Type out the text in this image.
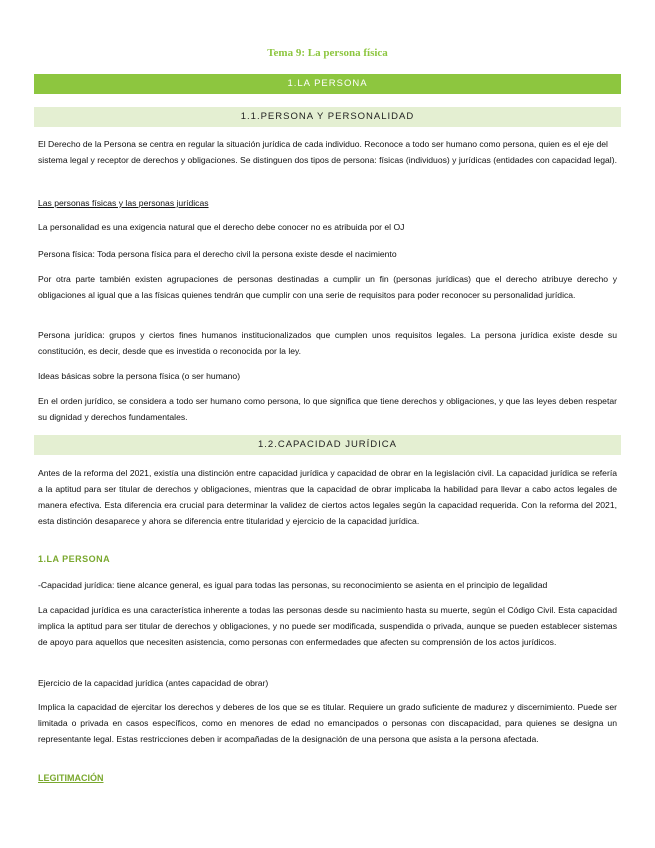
Tema 9: La persona física
1.LA PERSONA
1.1.PERSONA Y PERSONALIDAD
El Derecho de la Persona se centra en regular la situación jurídica de cada individuo. Reconoce a todo ser humano como persona, quien es el eje del sistema legal y receptor de derechos y obligaciones. Se distinguen dos tipos de persona: físicas (individuos) y jurídicas (entidades con capacidad legal).
Las personas físicas y las personas jurídicas
La personalidad es una exigencia natural que el derecho debe conocer no es atribuida por el OJ
Persona física: Toda persona física para el derecho civil la persona existe desde el nacimiento
Por otra parte también existen agrupaciones de personas destinadas a cumplir un fin (personas jurídicas) que el derecho atribuye derecho y obligaciones al igual que a las físicas quienes tendrán que cumplir con una serie de requisitos para poder reconocer su personalidad jurídica.
Persona jurídica: grupos y ciertos fines humanos institucionalizados que cumplen unos requisitos legales. La persona jurídica existe desde su constitución, es decir, desde que es investida o reconocida por la ley.
Ideas básicas sobre la persona física (o ser humano)
En el orden jurídico, se considera a todo ser humano como persona, lo que significa que tiene derechos y obligaciones, y que las leyes deben respetar su dignidad y derechos fundamentales.
1.2.CAPACIDAD JURÍDICA
Antes de la reforma del 2021, existía una distinción entre capacidad jurídica y capacidad de obrar en la legislación civil. La capacidad jurídica se refería a la aptitud para ser titular de derechos y obligaciones, mientras que la capacidad de obrar implicaba la habilidad para llevar a cabo actos legales de manera efectiva. Esta diferencia era crucial para determinar la validez de ciertos actos legales según la capacidad requerida. Con la reforma del 2021, esta distinción desaparece y ahora se diferencia entre titularidad y ejercicio de la capacidad jurídica.
1.LA PERSONA
-Capacidad jurídica: tiene alcance general, es igual para todas las personas, su reconocimiento se asienta en el principio de legalidad
La capacidad jurídica es una característica inherente a todas las personas desde su nacimiento hasta su muerte, según el Código Civil. Esta capacidad implica la aptitud para ser titular de derechos y obligaciones, y no puede ser modificada, suspendida o privada, aunque se pueden establecer sistemas de apoyo para aquellos que necesiten asistencia, como personas con enfermedades que afecten su comprensión de los actos jurídicos.
Ejercicio de la capacidad jurídica (antes capacidad de obrar)
Implica la capacidad de ejercitar los derechos y deberes de los que se es titular. Requiere un grado suficiente de madurez y discernimiento. Puede ser limitada o privada en casos específicos, como en menores de edad no emancipados o personas con discapacidad, para quienes se designa un representante legal. Estas restricciones deben ir acompañadas de la designación de una persona que asista a la persona afectada.
LEGITIMACIÓN
